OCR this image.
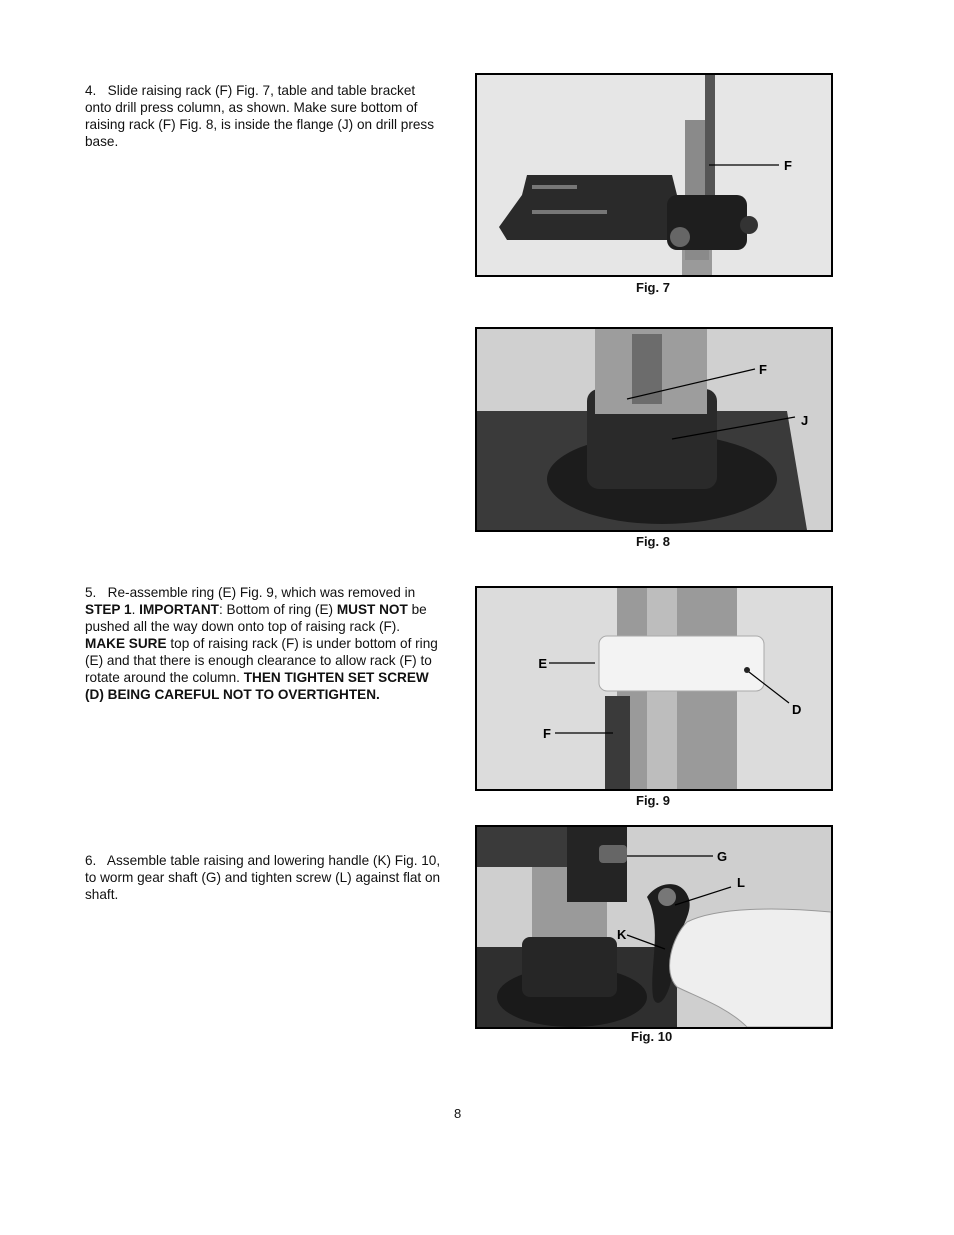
4.   Slide raising rack (F) Fig. 7, table and table bracket onto drill press column, as shown. Make sure bottom of raising rack (F) Fig. 8, is inside the flange (J) on drill press base.
F
Fig. 7
F
J
Fig. 8
5.   Re-assemble ring (E) Fig. 9, which was removed in STEP 1. IMPORTANT: Bottom of ring (E) MUST NOT be pushed all the way down onto top of raising rack (F). MAKE SURE top of raising rack (F) is under bottom of ring (E) and that there is enough clearance to allow rack (F) to rotate around the column. THEN TIGHTEN SET SCREW (D) BEING CAREFUL NOT TO OVERTIGHTEN.
E
D
F
Fig. 9
6.   Assemble table raising and lowering handle (K) Fig. 10, to worm gear shaft (G) and tighten screw (L) against flat on shaft.
G
L
K
Fig. 10
8
